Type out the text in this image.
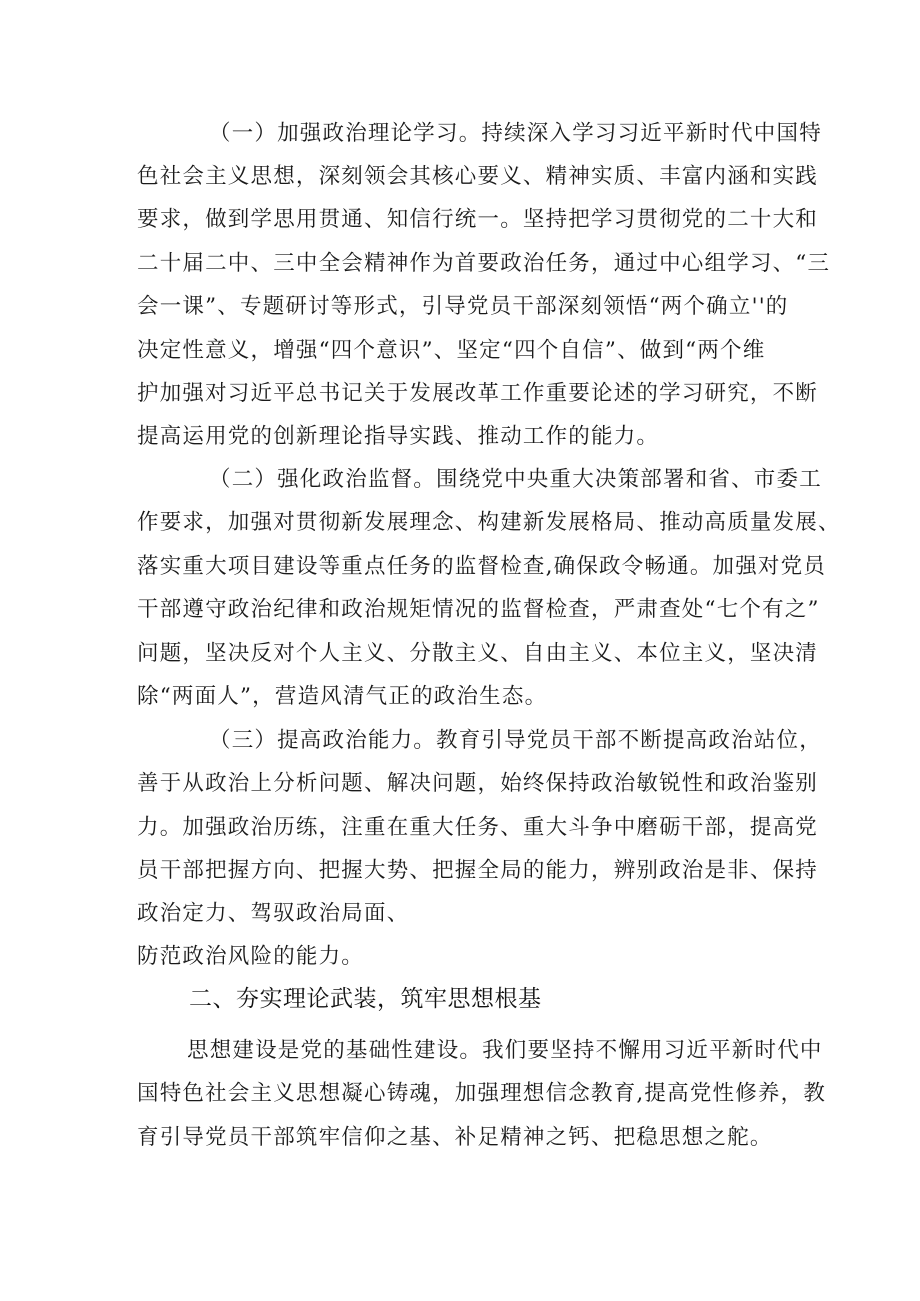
（一）加强政治理论学习。持续深入学习习近平新时代中国特
色社会主义思想，深刻领会其核心要义、精神实质、丰富内涵和实践
要求，做到学思用贯通、知信行统一。坚持把学习贯彻党的二十大和
二十届二中、三中全会精神作为首要政治任务，通过中心组学习、“三
会一课”、专题研讨等形式，引导党员干部深刻领悟“两个确立''的
决定性意义，增强“四个意识”、坚定“四个自信”、做到“两个维
护加强对习近平总书记关于发展改革工作重要论述的学习研究，不断
提高运用党的创新理论指导实践、推动工作的能力。
（二）强化政治监督。围绕党中央重大决策部署和省、市委工
作要求，加强对贯彻新发展理念、构建新发展格局、推动高质量发展、
落实重大项目建设等重点任务的监督检查,确保政令畅通。加强对党员
干部遵守政治纪律和政治规矩情况的监督检查，严肃查处“七个有之”
问题，坚决反对个人主义、分散主义、自由主义、本位主义，坚决清
除“两面人”，营造风清气正的政治生态。
（三）提高政治能力。教育引导党员干部不断提高政治站位，
善于从政治上分析问题、解决问题，始终保持政治敏锐性和政治鉴别
力。加强政治历练，注重在重大任务、重大斗争中磨砺干部，提高党
员干部把握方向、把握大势、把握全局的能力，辨别政治是非、保持
政治定力、驾驭政治局面、
防范政治风险的能力。
二、夯实理论武装，筑牢思想根基
思想建设是党的基础性建设。我们要坚持不懈用习近平新时代中
国特色社会主义思想凝心铸魂，加强理想信念教育,提高党性修养，教
育引导党员干部筑牢信仰之基、补足精神之钙、把稳思想之舵。
